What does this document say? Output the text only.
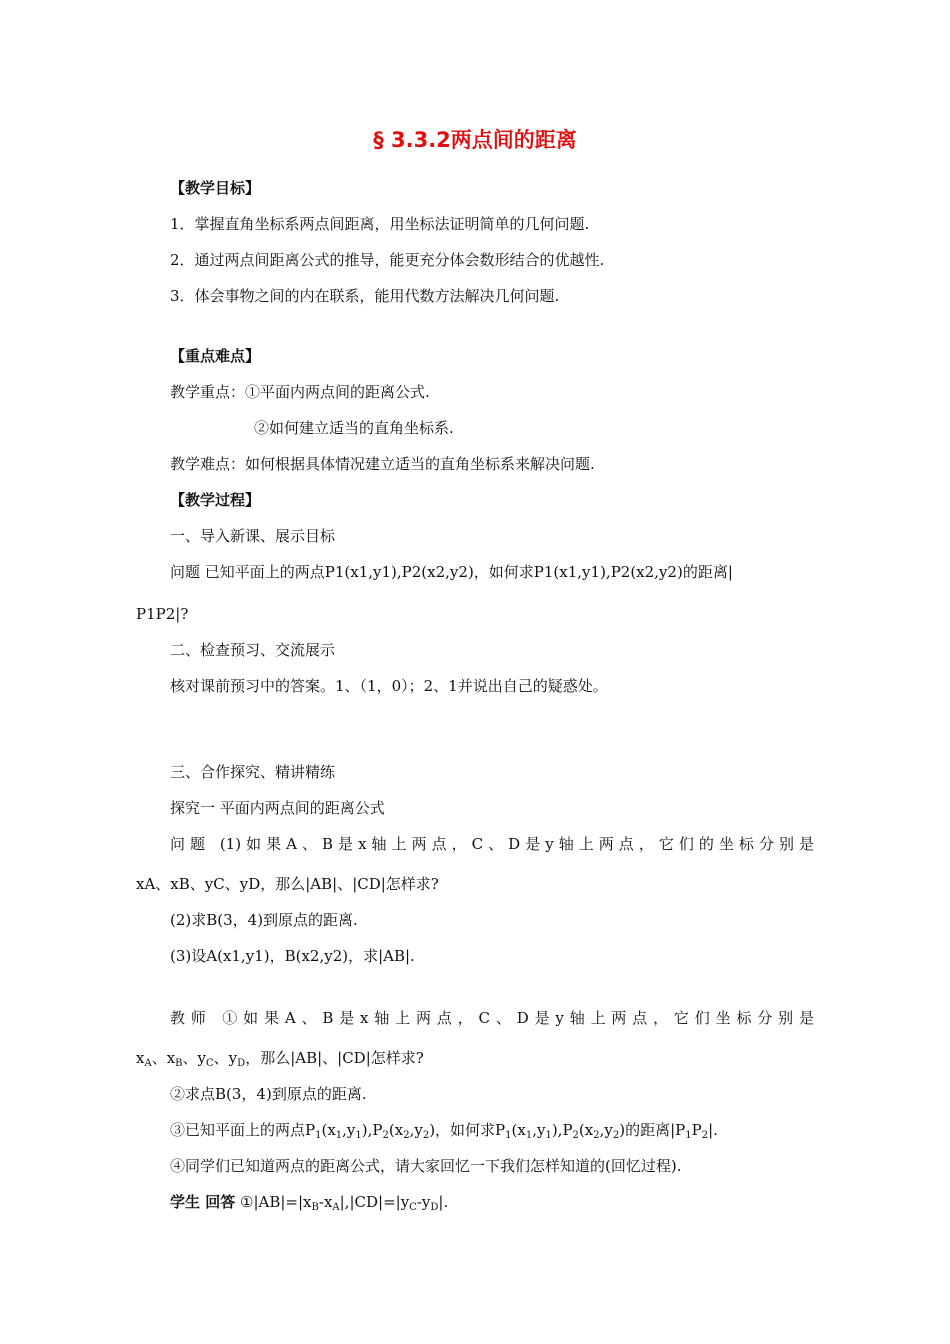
§ 3.3.2两点间的距离
【教学目标】
1．掌握直角坐标系两点间距离，用坐标法证明简单的几何问题.
2．通过两点间距离公式的推导，能更充分体会数形结合的优越性.
3．体会事物之间的内在联系，能用代数方法解决几何问题.
【重点难点】
教学重点：①平面内两点间的距离公式.
②如何建立适当的直角坐标系.
教学难点：如何根据具体情况建立适当的直角坐标系来解决问题.
【教学过程】
一、导入新课、展示目标
问题 已知平面上的两点P1(x1,y1),P2(x2,y2)，如何求P1(x1,y1),P2(x2,y2)的距离|
P1P2|?
二、检查预习、交流展示
核对课前预习中的答案。1、（1，0）；2、1并说出自己的疑惑处。
三、合作探究、精讲精练
探究一 平面内两点间的距离公式
问题 (1)如果A、B是x轴上两点，C、D是y轴上两点，它们的坐标分别是
xA、xB、yC、yD，那么|AB|、|CD|怎样求?
(2)求B(3，4)到原点的距离.
(3)设A(x1,y1)，B(x2,y2)，求|AB|.
教师 ①如果A、B是x轴上两点，C、D是y轴上两点，它们坐标分别是
$x_A$、$x_B$、$y_C$、$y_D$，那么|AB|、|CD|怎样求?
②求点B(3，4)到原点的距离.
③已知平面上的两点$P_1(x_1,y_1),P_2(x_2,y_2)$，如何求$P_1(x_1,y_1),P_2(x_2,y_2)$的距离$|P_1P_2|$.
④同学们已知道两点的距离公式，请大家回忆一下我们怎样知道的(回忆过程).
学生 回答 $①|AB|=|x_B-x_A|,|CD|=|y_C-y_D|$.
